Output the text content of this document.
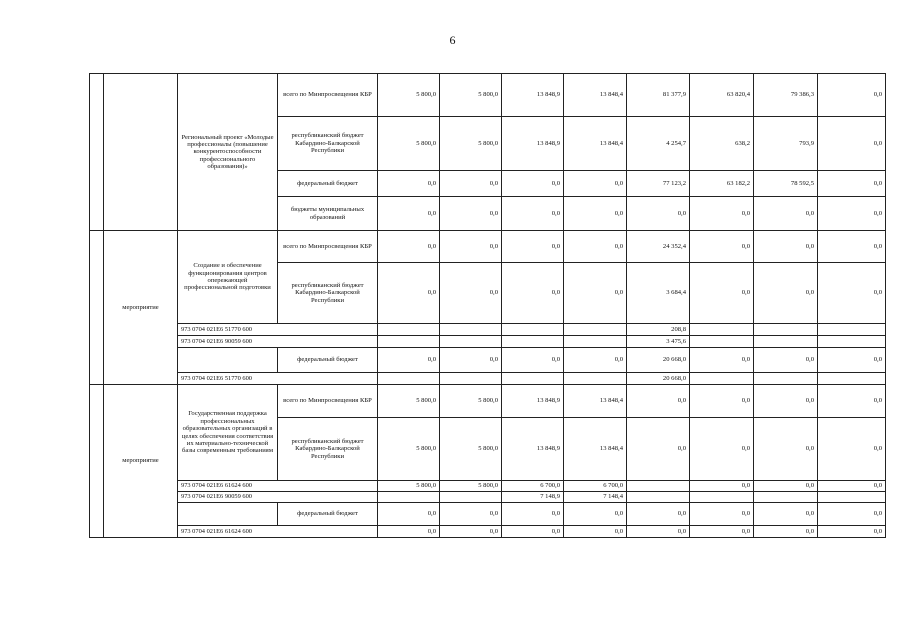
6
		Региональный проект «Молодые профессионалы (повышение конкурентоспособности профессионального образования)»	всего по Минпросвещения КБР	5 800,0	5 800,0	13 848,9	13 848,4	81 377,9	63 820,4	79 386,3	0,0
			республиканский бюджет Кабардино-Балкарской Республики	5 800,0	5 800,0	13 848,9	13 848,4	4 254,7	638,2	793,9	0,0
			федеральный бюджет	0,0	0,0	0,0	0,0	77 123,2	63 182,2	78 592,5	0,0
			бюджеты муниципальных образований	0,0	0,0	0,0	0,0	0,0	0,0	0,0	0,0
	мероприятие	Создание и обеспечение функционирования центров опережающей профессиональной подготовки	всего по Минпросвещения КБР	0,0	0,0	0,0	0,0	24 352,4	0,0	0,0	0,0
			республиканский бюджет Кабардино-Балкарской Республики	0,0	0,0	0,0	0,0	3 684,4	0,0	0,0	0,0
		973 0704 021Е6 51770 600						208,8			
		973 0704 021Е6 90059 600						3 475,6			
			федеральный бюджет	0,0	0,0	0,0	0,0	20 668,0	0,0	0,0	0,0
		973 0704 021Е6 51770 600						20 668,0			
	мероприятие	Государственная поддержка профессиональных образовательных организаций в целях обеспечения соответствия их материально-технической базы современным требованиям	всего по Минпросвещения КБР	5 800,0	5 800,0	13 848,9	13 848,4	0,0	0,0	0,0	0,0
			республиканский бюджет Кабардино-Балкарской Республики	5 800,0	5 800,0	13 848,9	13 848,4	0,0	0,0	0,0	0,0
		973 0704 021Е6 61624 600		5 800,0	5 800,0	6 700,0	6 700,0		0,0	0,0	0,0
		973 0704 021Е6 90059 600				7 148,9	7 148,4				
			федеральный бюджет	0,0	0,0	0,0	0,0	0,0	0,0	0,0	0,0
		973 0704 021Е6 61624 600		0,0	0,0	0,0	0,0	0,0	0,0	0,0	0,0
